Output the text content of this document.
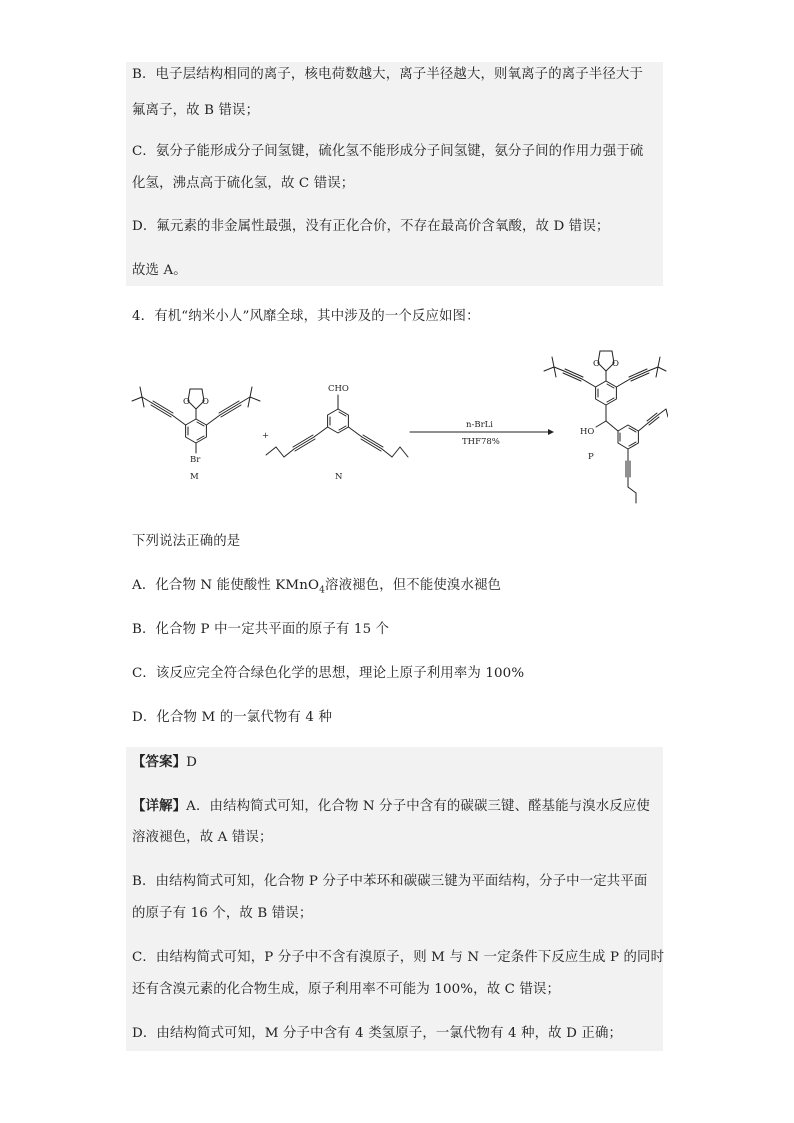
B．电子层结构相同的离子，核电荷数越大，离子半径越大，则氧离子的离子半径大于
氟离子，故 B 错误；
C．氨分子能形成分子间氢键，硫化氢不能形成分子间氢键，氨分子间的作用力强于硫
化氢，沸点高于硫化氢，故 C 错误；
D．氟元素的非金属性最强，没有正化合价，不存在最高价含氧酸，故 D 错误；
故选 A。
4．有机“纳米小人”风靡全球，其中涉及的一个反应如图：
O O
Br
M
+
CHO
N
n-BrLi
THF78%
O O
HO
P
下列说法正确的是
A．化合物 N 能使酸性 KMnO$_4$溶液褪色，但不能使溴水褪色
B．化合物 P 中一定共平面的原子有 15 个
C．该反应完全符合绿色化学的思想，理论上原子利用率为 100%
D．化合物 M 的一氯代物有 4 种
【答案】D
【详解】A．由结构简式可知，化合物 N 分子中含有的碳碳三键、醛基能与溴水反应使
溶液褪色，故 A 错误；
B．由结构简式可知，化合物 P 分子中苯环和碳碳三键为平面结构，分子中一定共平面
的原子有 16 个，故 B 错误；
C．由结构简式可知，P 分子中不含有溴原子，则 M 与 N 一定条件下反应生成 P 的同时
还有含溴元素的化合物生成，原子利用率不可能为 100%，故 C 错误；
D．由结构简式可知，M 分子中含有 4 类氢原子，一氯代物有 4 种，故 D 正确；
